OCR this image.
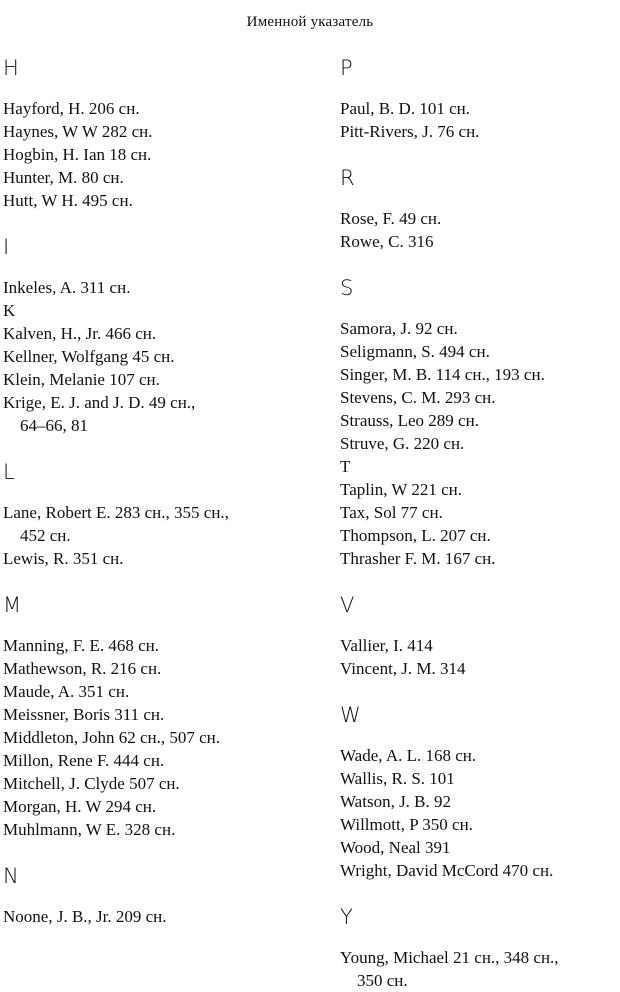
Именной указатель
H
Hayford, H. 206 сн.
Haynes, W W 282 сн.
Hogbin, H. Ian 18 сн.
Hunter, M. 80 сн.
Hutt, W H. 495 сн.
I
Inkeles, A. 311 сн.
K
Kalven, H., Jr. 466 сн.
Kellner, Wolfgang 45 сн.
Klein, Melanie 107 сн.
Krige, E. J. and J. D. 49 сн.,
64–66, 81
L
Lane, Robert E. 283 сн., 355 сн.,
452 сн.
Lewis, R. 351 сн.
M
Manning, F. E. 468 сн.
Mathewson, R. 216 сн.
Maude, A. 351 сн.
Meissner, Boris 311 сн.
Middleton, John 62 сн., 507 сн.
Millon, Rene F. 444 сн.
Mitchell, J. Clyde 507 сн.
Morgan, H. W 294 сн.
Muhlmann, W E. 328 сн.
N
Noone, J. B., Jr. 209 сн.
P
Paul, B. D. 101 сн.
Pitt-Rivers, J. 76 сн.
R
Rose, F. 49 сн.
Rowe, C. 316
S
Samora, J. 92 сн.
Seligmann, S. 494 сн.
Singer, M. B. 114 сн., 193 сн.
Stevens, C. M. 293 сн.
Strauss, Leo 289 сн.
Struve, G. 220 сн.
T
Taplin, W 221 сн.
Tax, Sol 77 сн.
Thompson, L. 207 сн.
Thrasher F. M. 167 сн.
V
Vallier, I. 414
Vincent, J. M. 314
W
Wade, A. L. 168 сн.
Wallis, R. S. 101
Watson, J. B. 92
Willmott, P 350 сн.
Wood, Neal 391
Wright, David McCord 470 сн.
Y
Young, Michael 21 сн., 348 сн.,
350 сн.
